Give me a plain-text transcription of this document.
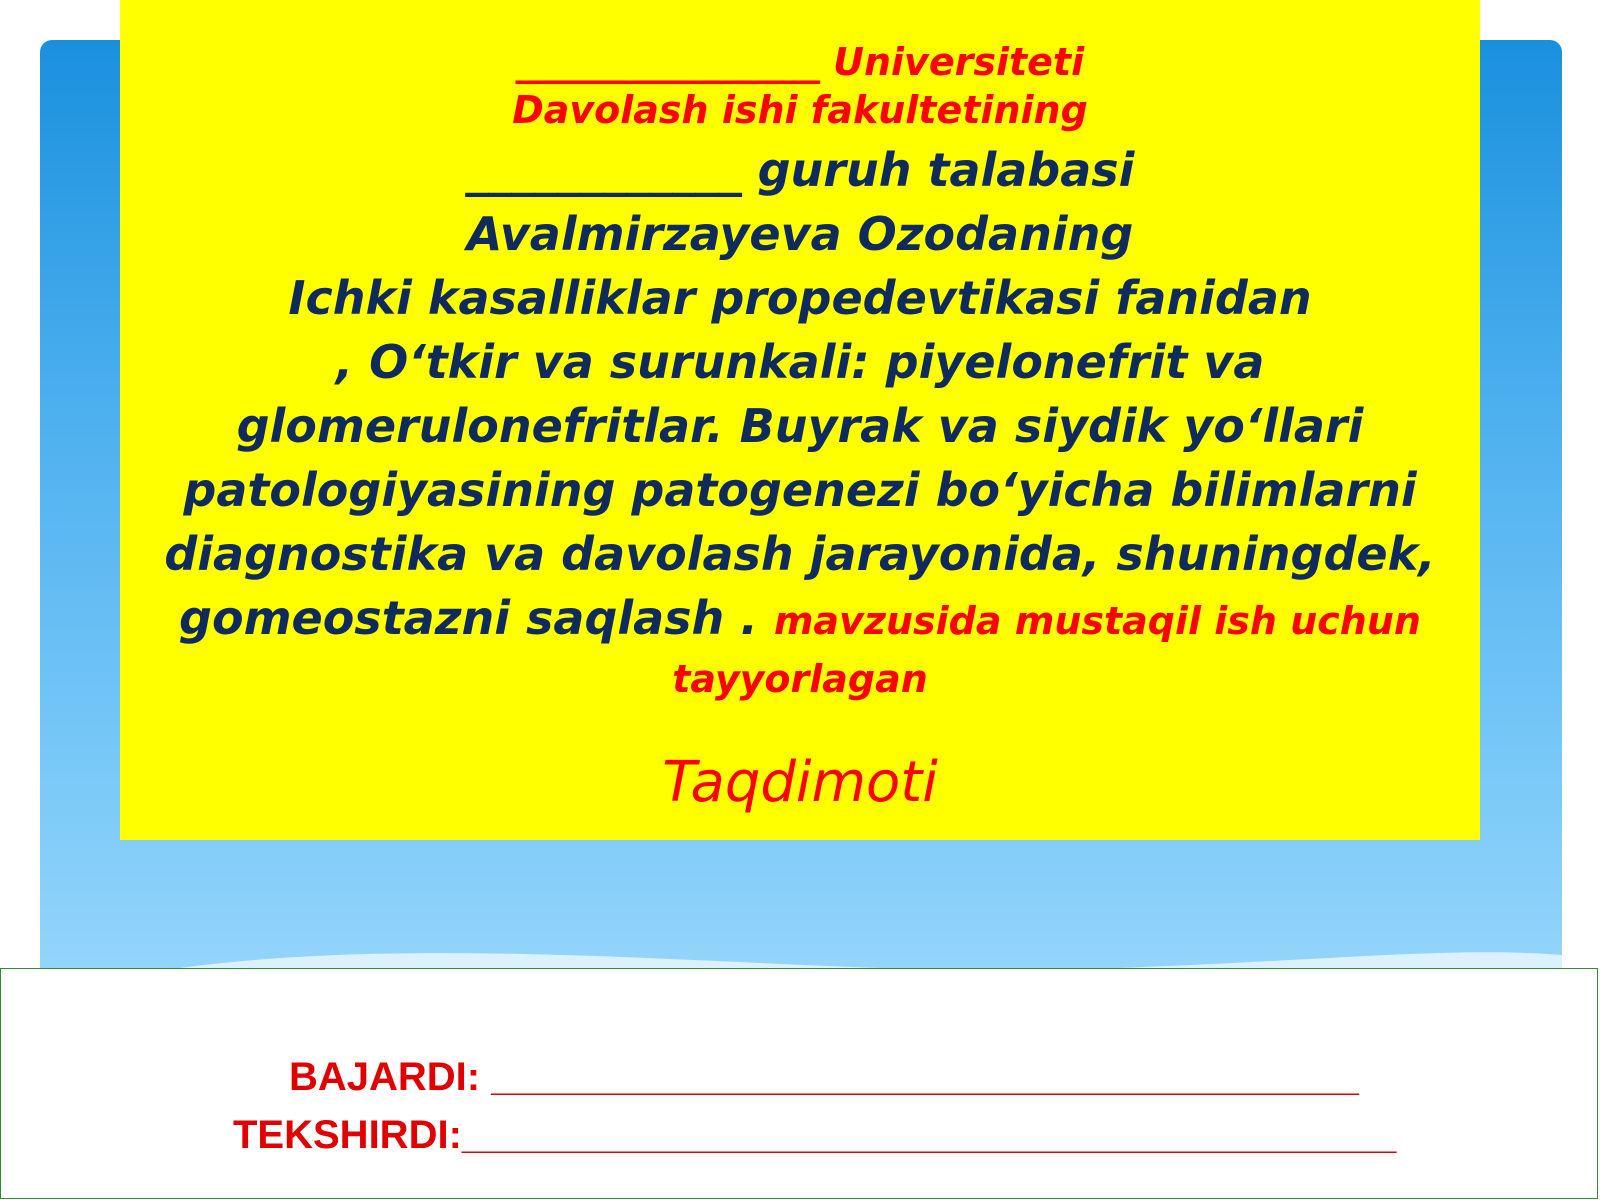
________________ Universiteti
Davolash ishi fakultetining
____________ guruh talabasi
Avalmirzayeva Ozodaning
Ichki kasalliklar propedevtikasi fanidan
, O‘tkir va surunkali: piyelonefrit va
glomerulonefritlar. Buyrak va siydik yo‘llari
patologiyasining patogenezi bo‘yicha bilimlarni
diagnostika va davolash jarayonida, shuningdek,
gomeostazni saqlash . mavzusida mustaqil ish uchun
tayyorlagan
Taqdimoti
BAJARDI: _______________________________________
TEKSHIRDI:__________________________________________
